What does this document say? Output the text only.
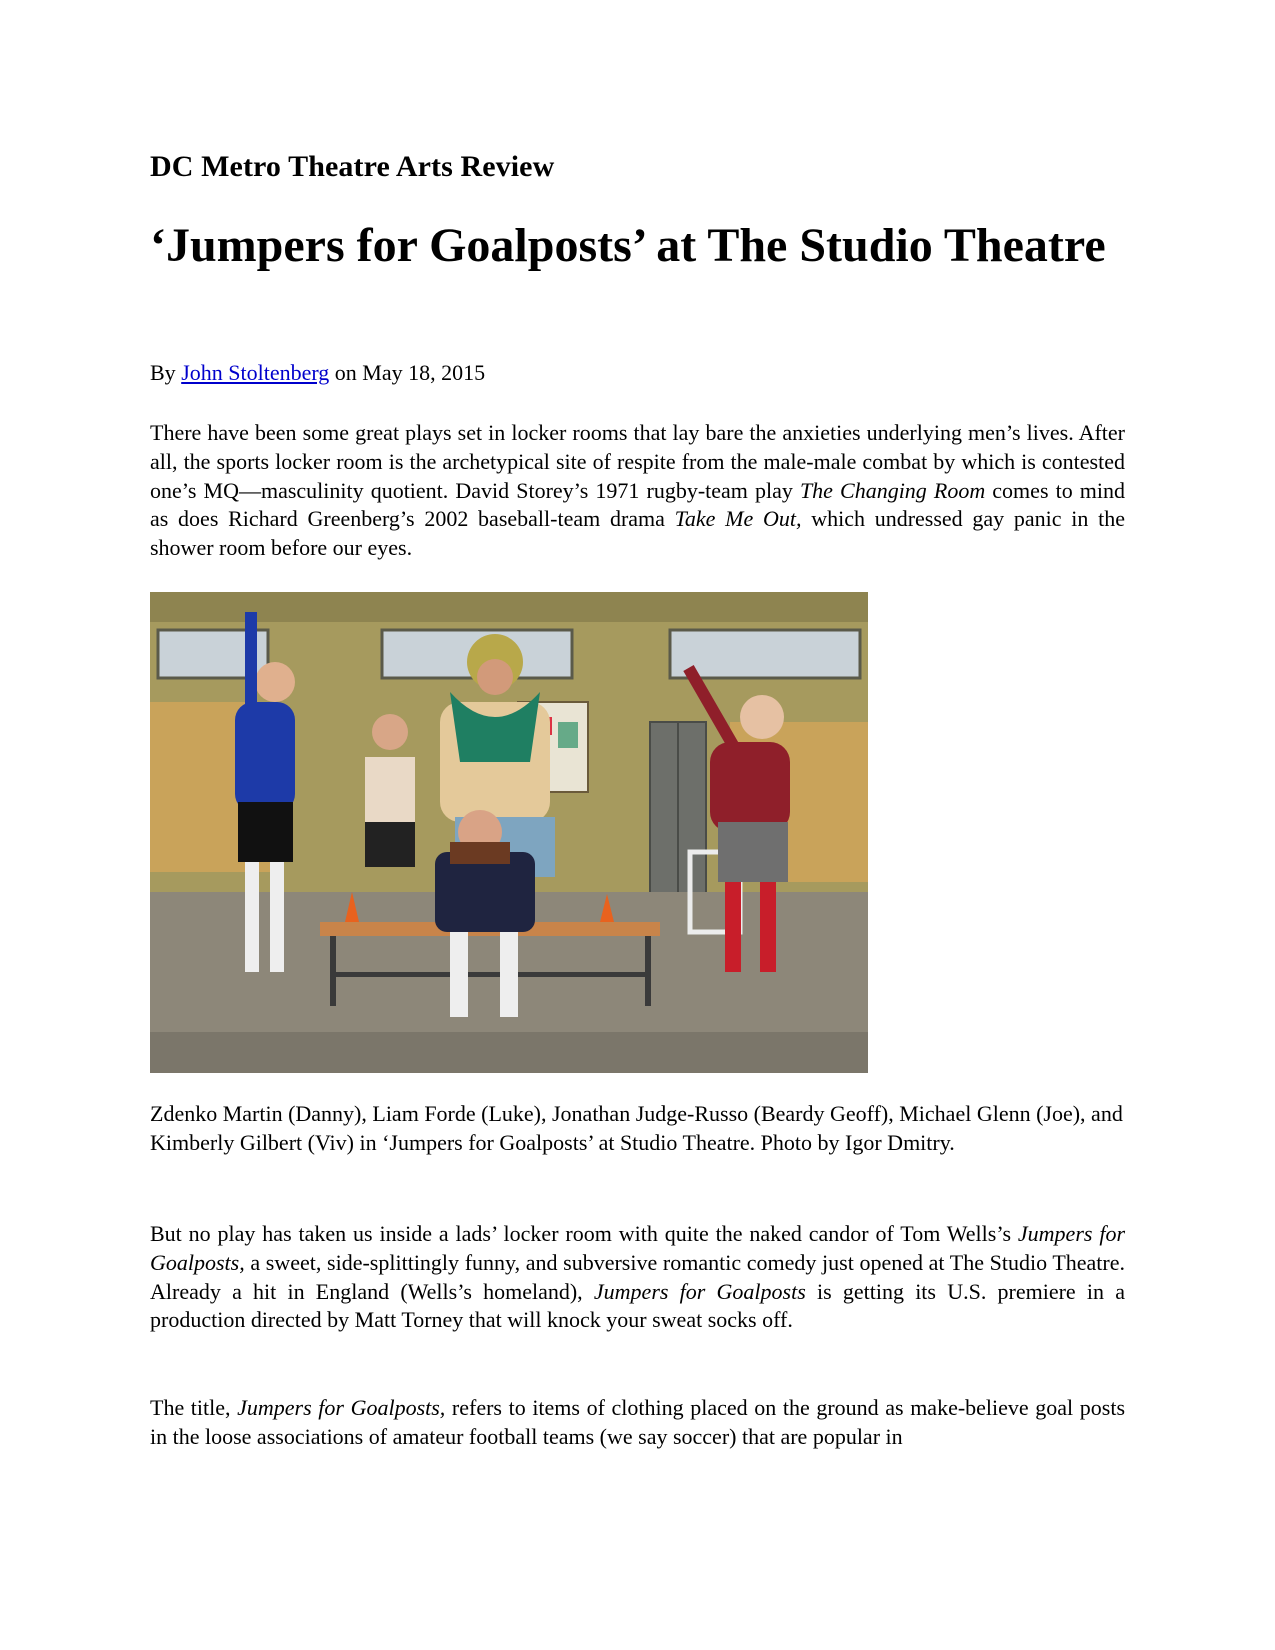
DC Metro Theatre Arts Review
‘Jumpers for Goalposts’ at The Studio Theatre
By John Stoltenberg on May 18, 2015

There have been some great plays set in locker rooms that lay bare the anxieties underlying men’s lives. After all, the sports locker room is the archetypical site of respite from the male-male combat by which is contested one’s MQ—masculinity quotient. David Storey’s 1971 rugby-team play The Changing Room comes to mind as does Richard Greenberg’s 2002 baseball-team drama Take Me Out, which undressed gay panic in the shower room before our eyes.

Zdenko Martin (Danny), Liam Forde (Luke), Jonathan Judge-Russo (Beardy Geoff), Michael Glenn (Joe), and Kimberly Gilbert (Viv) in ‘Jumpers for Goalposts’ at Studio Theatre. Photo by Igor Dmitry.

But no play has taken us inside a lads’ locker room with quite the naked candor of Tom Wells’s Jumpers for Goalposts, a sweet, side-splittingly funny, and subversive romantic comedy just opened at The Studio Theatre. Already a hit in England (Wells’s homeland), Jumpers for Goalposts is getting its U.S. premiere in a production directed by Matt Torney that will knock your sweat socks off.

The title, Jumpers for Goalposts, refers to items of clothing placed on the ground as make-believe goal posts in the loose associations of amateur football teams (we say soccer) that are popular in
